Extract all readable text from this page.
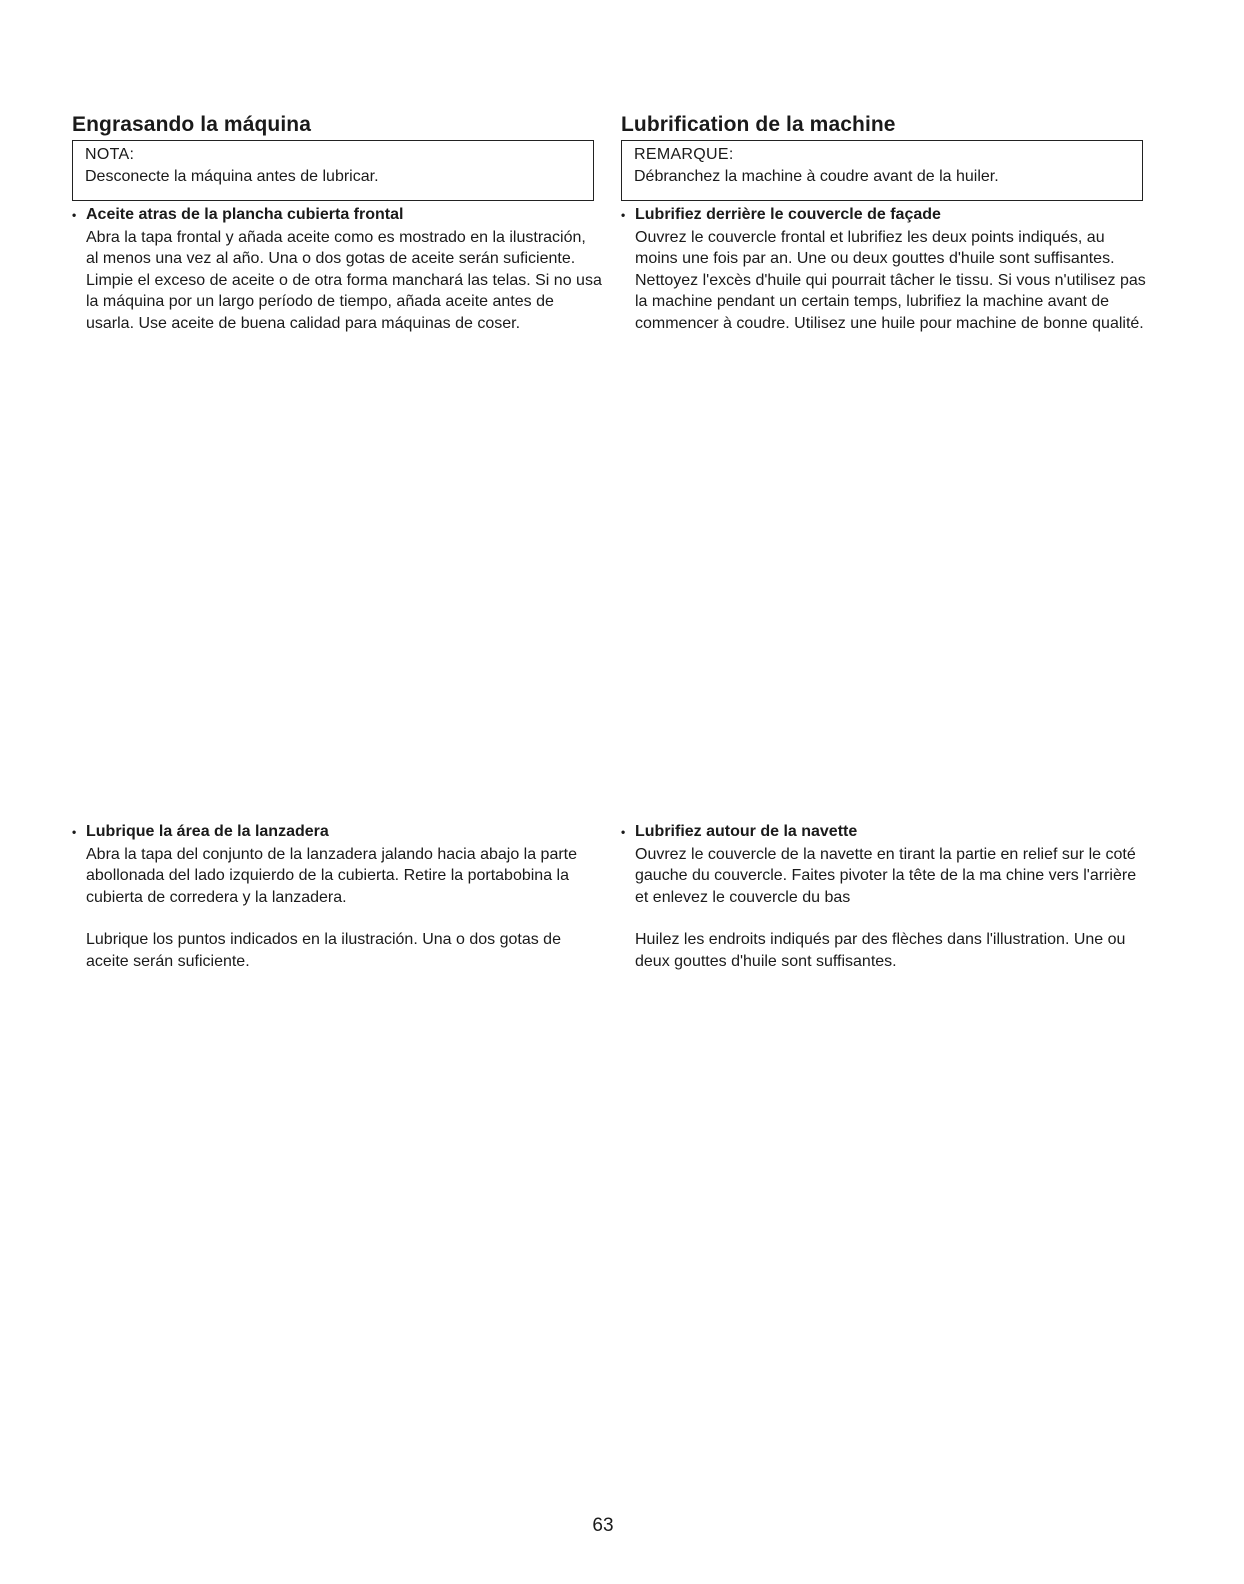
Engrasando la máquina
NOTA:
Desconecte la máquina antes de lubricar.
• Aceite atras de la plancha cubierta frontal

Abra la tapa frontal y añada aceite como es mostrado en la ilustración, al menos una vez al año. Una o dos gotas de aceite serán suficiente. Limpie el exceso de aceite o de otra forma manchará las telas. Si no usa la máquina por un largo período de tiempo, añada aceite antes de usarla. Use aceite de buena calidad para máquinas de coser.

Lubrification de la machine
REMARQUE:
Débranchez la machine à coudre avant de la huiler.
• Lubrifiez derrière le couvercle de façade

Ouvrez le couvercle frontal et lubrifiez les deux points indiqués, au moins une fois par an. Une ou deux gouttes d'huile sont suffisantes. Nettoyez l'excès d'huile qui pourrait tâcher le tissu. Si vous n'utilisez pas la machine pendant un certain temps, lubrifiez la machine avant de commencer à coudre. Utilisez une huile pour machine de bonne qualité.

• Lubrique la área de la lanzadera

Abra la tapa del conjunto de la lanzadera jalando hacia abajo la parte abollonada del lado izquierdo de la cubierta. Retire la portabobina la cubierta de corredera y la lanzadera.

Lubrique los puntos indicados en la ilustración. Una o dos gotas de aceite serán suficiente.

• Lubrifiez autour de la navette

Ouvrez le couvercle de la navette en tirant la partie en relief sur le coté gauche du couvercle. Faites pivoter la tête de la ma chine vers l'arrière et enlevez le couvercle du bas

Huilez les endroits indiqués par des flèches dans l'illustration. Une ou deux gouttes d'huile sont suffisantes.

63
